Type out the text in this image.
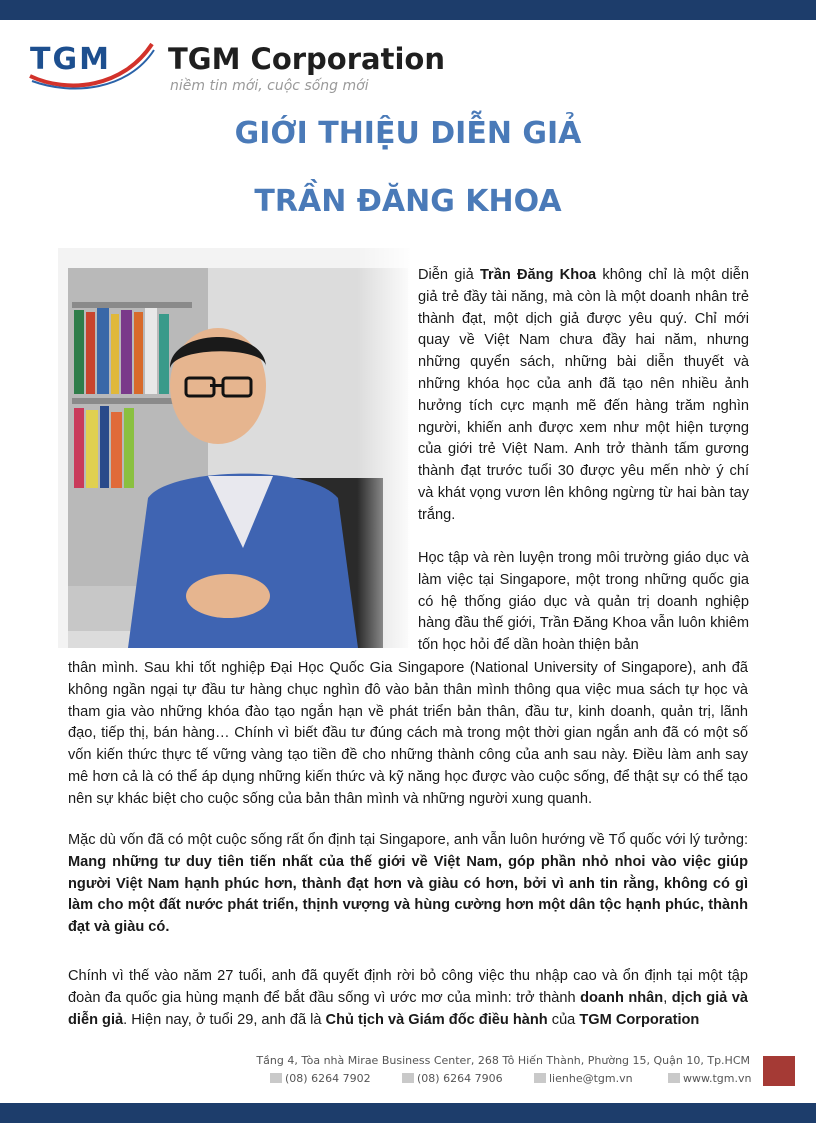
TGM TGM Corporation
niềm tin mới, cuộc sống mới
GIỚI THIỆU DIỄN GIẢ
TRẦN ĐĂNG KHOA

Diễn giả Trần Đăng Khoa không chỉ là một diễn giả trẻ đầy tài năng, mà còn là một doanh nhân trẻ thành đạt, một dịch giả được yêu quý. Chỉ mới quay về Việt Nam chưa đầy hai năm, nhưng những quyển sách, những bài diễn thuyết và những khóa học của anh đã tạo nên nhiều ảnh hưởng tích cực mạnh mẽ đến hàng trăm nghìn người, khiến anh được xem như một hiện tượng của giới trẻ Việt Nam. Anh trở thành tấm gương thành đạt trước tuổi 30 được yêu mến nhờ ý chí và khát vọng vươn lên không ngừng từ hai bàn tay trắng.

Học tập và rèn luyện trong môi trường giáo dục và làm việc tại Singapore, một trong những quốc gia có hệ thống giáo dục và quản trị doanh nghiệp hàng đầu thế giới, Trần Đăng Khoa vẫn luôn khiêm tốn học hỏi để dần hoàn thiện bản

thân mình. Sau khi tốt nghiệp Đại Học Quốc Gia Singapore (National University of Singapore), anh đã không ngần ngại tự đầu tư hàng chục nghìn đô vào bản thân mình thông qua việc mua sách tự học và tham gia vào những khóa đào tạo ngắn hạn về phát triển bản thân, đầu tư, kinh doanh, quản trị, lãnh đạo, tiếp thị, bán hàng… Chính vì biết đầu tư đúng cách mà trong một thời gian ngắn anh đã có một số vốn kiến thức thực tế vững vàng tạo tiền đề cho những thành công của anh sau này. Điều làm anh say mê hơn cả là có thể áp dụng những kiến thức và kỹ năng học được vào cuộc sống, để thật sự có thể tạo nên sự khác biệt cho cuộc sống của bản thân mình và những người xung quanh.

Mặc dù vốn đã có một cuộc sống rất ổn định tại Singapore, anh vẫn luôn hướng về Tổ quốc với lý tưởng: Mang những tư duy tiên tiến nhất của thế giới về Việt Nam, góp phần nhỏ nhoi vào việc giúp người Việt Nam hạnh phúc hơn, thành đạt hơn và giàu có hơn, bởi vì anh tin rằng, không có gì làm cho một đất nước phát triển, thịnh vượng và hùng cường hơn một dân tộc hạnh phúc, thành đạt và giàu có.

Chính vì thế vào năm 27 tuổi, anh đã quyết định rời bỏ công việc thu nhập cao và ổn định tại một tập đoàn đa quốc gia hùng mạnh để bắt đầu sống vì ước mơ của mình: trở thành doanh nhân, dịch giả và diễn giả. Hiện nay, ở tuổi 29, anh đã là Chủ tịch và Giám đốc điều hành của TGM Corporation

Tầng 4, Tòa nhà Mirae Business Center, 268 Tô Hiến Thành, Phường 15, Quận 10, Tp.HCM
(08) 6264 7902	(08) 6264 7906	lienhe@tgm.vn	www.tgm.vn
